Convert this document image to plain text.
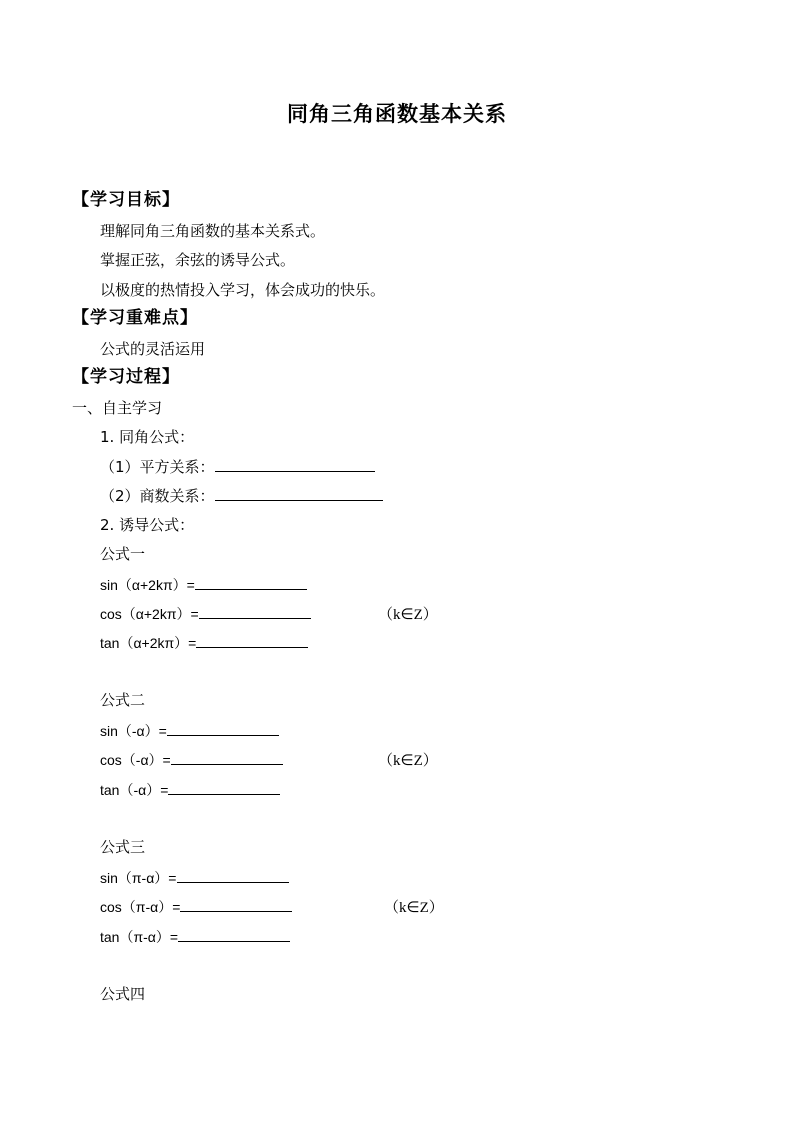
同角三角函数基本关系
【学习目标】
理解同角三角函数的基本关系式。
掌握正弦，余弦的诱导公式。
以极度的热情投入学习，体会成功的快乐。
【学习重难点】
公式的灵活运用
【学习过程】
一、自主学习
1. 同角公式：
（1）平方关系：
（2）商数关系：
2. 诱导公式：
公式一
sin（α+2kπ）=
cos（α+2kπ）=	（k∈Z）
tan（α+2kπ）=
公式二
sin（-α）=
cos（-α）=	（k∈Z）
tan（-α）=
公式三
sin（π-α）=
cos（π-α）=	（k∈Z）
tan（π-α）=
公式四
